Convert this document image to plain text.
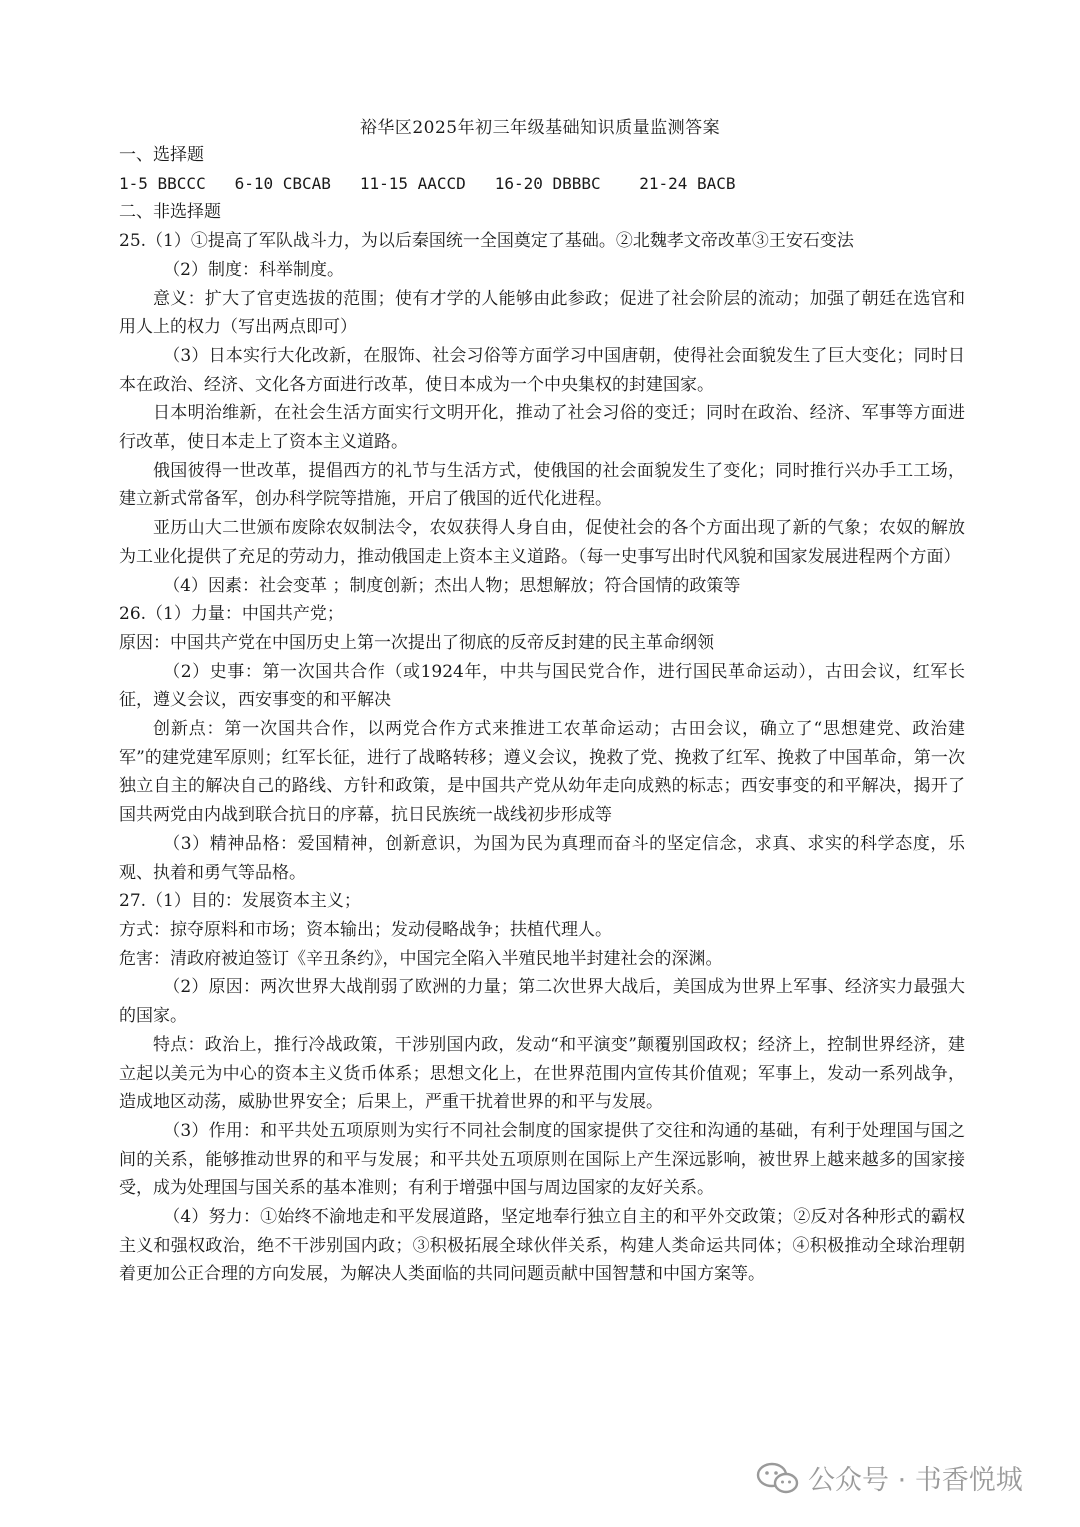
裕华区2025年初三年级基础知识质量监测答案

一、选择题

1-5 BBCCC 6-10 CBCAB 11-15 AACCD 16-20 DBBBC 21-24 BACB

二、非选择题

25.（1）①提高了军队战斗力，为以后秦国统一全国奠定了基础。②北魏孝文帝改革③王安石变法

（2）制度：科举制度。

意义：扩大了官吏选拔的范围；使有才学的人能够由此参政；促进了社会阶层的流动；加强了朝廷在选官和用人上的权力（写出两点即可）

（3）日本实行大化改新，在服饰、社会习俗等方面学习中国唐朝，使得社会面貌发生了巨大变化；同时日本在政治、经济、文化各方面进行改革，使日本成为一个中央集权的封建国家。

日本明治维新，在社会生活方面实行文明开化，推动了社会习俗的变迁；同时在政治、经济、军事等方面进行改革，使日本走上了资本主义道路。

俄国彼得一世改革，提倡西方的礼节与生活方式，使俄国的社会面貌发生了变化；同时推行兴办手工工场，建立新式常备军，创办科学院等措施，开启了俄国的近代化进程。

亚历山大二世颁布废除农奴制法令，农奴获得人身自由，促使社会的各个方面出现了新的气象；农奴的解放为工业化提供了充足的劳动力，推动俄国走上资本主义道路。（每一史事写出时代风貌和国家发展进程两个方面）

（4）因素：社会变革 ；制度创新；杰出人物；思想解放；符合国情的政策等

26.（1）力量：中国共产党；

原因：中国共产党在中国历史上第一次提出了彻底的反帝反封建的民主革命纲领

（2）史事：第一次国共合作（或1924年，中共与国民党合作，进行国民革命运动），古田会议，红军长征，遵义会议，西安事变的和平解决

创新点：第一次国共合作，以两党合作方式来推进工农革命运动；古田会议，确立了“思想建党、政治建军”的建党建军原则；红军长征，进行了战略转移；遵义会议，挽救了党、挽救了红军、挽救了中国革命，第一次独立自主的解决自己的路线、方针和政策，是中国共产党从幼年走向成熟的标志；西安事变的和平解决，揭开了国共两党由内战到联合抗日的序幕，抗日民族统一战线初步形成等

（3）精神品格：爱国精神，创新意识，为国为民为真理而奋斗的坚定信念，求真、求实的科学态度，乐观、执着和勇气等品格。

27.（1）目的：发展资本主义；

方式：掠夺原料和市场；资本输出；发动侵略战争；扶植代理人。

危害：清政府被迫签订《辛丑条约》，中国完全陷入半殖民地半封建社会的深渊。

（2）原因：两次世界大战削弱了欧洲的力量；第二次世界大战后，美国成为世界上军事、经济实力最强大的国家。

特点：政治上，推行冷战政策，干涉别国内政，发动“和平演变”颠覆别国政权；经济上，控制世界经济，建立起以美元为中心的资本主义货币体系；思想文化上，在世界范围内宣传其价值观；军事上，发动一系列战争，造成地区动荡，威胁世界安全；后果上，严重干扰着世界的和平与发展。

（3）作用：和平共处五项原则为实行不同社会制度的国家提供了交往和沟通的基础，有利于处理国与国之间的关系，能够推动世界的和平与发展；和平共处五项原则在国际上产生深远影响，被世界上越来越多的国家接受，成为处理国与国关系的基本准则；有利于增强中国与周边国家的友好关系。

（4）努力：①始终不渝地走和平发展道路，坚定地奉行独立自主的和平外交政策；②反对各种形式的霸权主义和强权政治，绝不干涉别国内政；③积极拓展全球伙伴关系，构建人类命运共同体；④积极推动全球治理朝着更加公正合理的方向发展，为解决人类面临的共同问题贡献中国智慧和中国方案等。

公众号 · 书香悦城
